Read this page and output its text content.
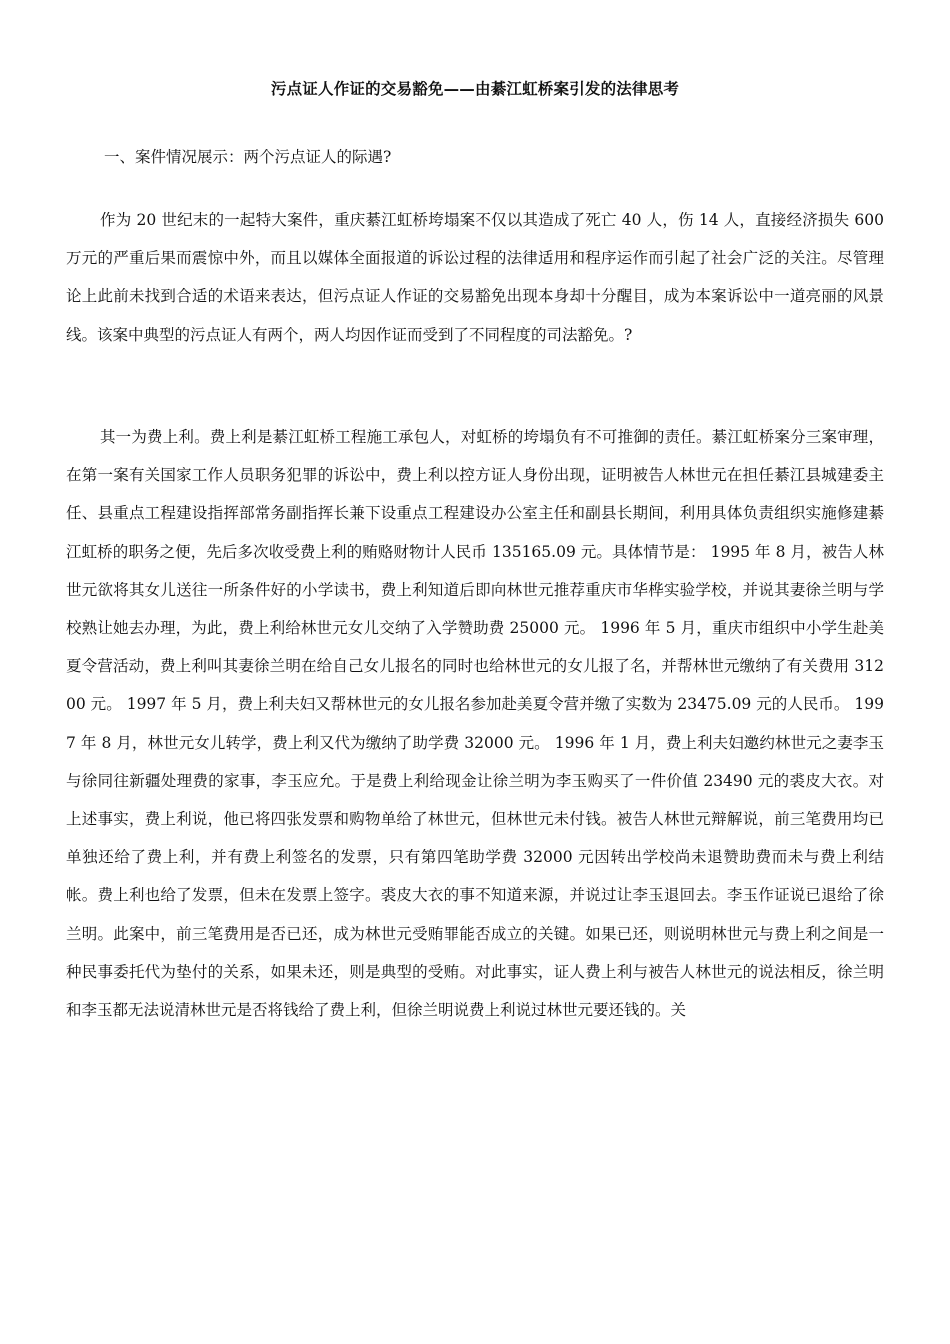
污点证人作证的交易豁免——由綦江虹桥案引发的法律思考
一、案件情况展示：两个污点证人的际遇?
作为 20 世纪末的一起特大案件，重庆綦江虹桥垮塌案不仅以其造成了死亡 40 人，伤 14 人，直接经济损失 600 万元的严重后果而震惊中外，而且以媒体全面报道的诉讼过程的法律适用和程序运作而引起了社会广泛的关注。尽管理论上此前未找到合适的术语来表达，但污点证人作证的交易豁免出现本身却十分醒目，成为本案诉讼中一道亮丽的风景线。该案中典型的污点证人有两个，两人均因作证而受到了不同程度的司法豁免。?
其一为费上利。费上利是綦江虹桥工程施工承包人，对虹桥的垮塌负有不可推御的责任。綦江虹桥案分三案审理，在第一案有关国家工作人员职务犯罪的诉讼中，费上利以控方证人身份出现，证明被告人林世元在担任綦江县城建委主任、县重点工程建设指挥部常务副指挥长兼下设重点工程建设办公室主任和副县长期间，利用具体负责组织实施修建綦江虹桥的职务之便，先后多次收受费上利的贿赂财物计人民币 135165.09 元。具体情节是： 1995 年 8 月，被告人林世元欲将其女儿送往一所条件好的小学读书，费上利知道后即向林世元推荐重庆市华桦实验学校，并说其妻徐兰明与学校熟让她去办理，为此，费上利给林世元女儿交纳了入学赞助费 25000 元。 1996 年 5 月，重庆市组织中小学生赴美夏令营活动，费上利叫其妻徐兰明在给自己女儿报名的同时也给林世元的女儿报了名，并帮林世元缴纳了有关费用 31200 元。 1997 年 5 月，费上利夫妇又帮林世元的女儿报名参加赴美夏令营并缴了实数为 23475.09 元的人民币。 1997 年 8 月，林世元女儿转学，费上利又代为缴纳了助学费 32000 元。 1996 年 1 月，费上利夫妇邀约林世元之妻李玉与徐同往新疆处理费的家事，李玉应允。于是费上利给现金让徐兰明为李玉购买了一件价值 23490 元的裘皮大衣。对上述事实，费上利说，他已将四张发票和购物单给了林世元，但林世元未付钱。被告人林世元辩解说，前三笔费用均已单独还给了费上利，并有费上利签名的发票，只有第四笔助学费 32000 元因转出学校尚未退赞助费而未与费上利结帐。费上利也给了发票，但未在发票上签字。裘皮大衣的事不知道来源，并说过让李玉退回去。李玉作证说已退给了徐兰明。此案中，前三笔费用是否已还，成为林世元受贿罪能否成立的关键。如果已还，则说明林世元与费上利之间是一种民事委托代为垫付的关系，如果未还，则是典型的受贿。对此事实，证人费上利与被告人林世元的说法相反，徐兰明和李玉都无法说清林世元是否将钱给了费上利，但徐兰明说费上利说过林世元要还钱的。关
